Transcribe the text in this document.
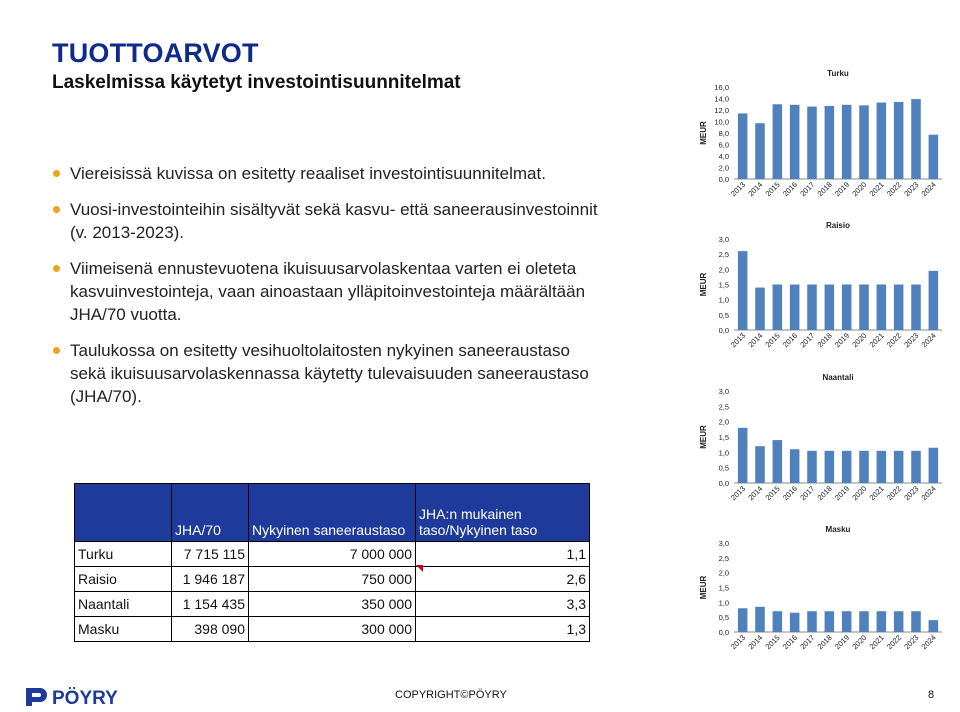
TUOTTOARVOT
Laskelmissa käytetyt investointisuunnitelmat
Viereisissä kuvissa on esitetty reaaliset investointisuunnitelmat.
Vuosi-investointeihin sisältyvät sekä kasvu- että saneerausinvestoinnit (v. 2013-2023).
Viimeisenä ennustevuotena ikuisuusarvolaskentaa varten ei oleteta kasvuinvestointeja, vaan ainoastaan ylläpitoinvestointeja määrältään JHA/70 vuotta.
Taulukossa on esitetty vesihuoltolaitosten nykyinen saneeraustaso sekä ikuisuusarvolaskennassa käytetty tulevaisuuden saneeraustaso (JHA/70).
	JHA/70	Nykyinen saneeraustaso	JHA:n mukainen taso/Nykyinen taso
Turku	7 715 115	7 000 000	1,1
Raisio	1 946 187	750 000	2,6
Naantali	1 154 435	350 000	3,3
Masku	398 090	300 000	1,3
Turku
MEUR
0,0
2,0
4,0
6,0
8,0
10,0
12,0
14,0
16,0
2013 2014 2015 2016 2017 2018 2019 2020 2021 2022 2023 2024
Raisio
MEUR
0,0
0,5
1,0
1,5
2,0
2,5
3,0
2013 2014 2015 2016 2017 2018 2019 2020 2021 2022 2023 2024
Naantali
MEUR
0,0
0,5
1,0
1,5
2,0
2,5
3,0
2013 2014 2015 2016 2017 2018 2019 2020 2021 2022 2023 2024
Masku
MEUR
0,0
0,5
1,0
1,5
2,0
2,5
3,0
2013 2014 2015 2016 2017 2018 2019 2020 2021 2022 2023 2024
PÖYRY	COPYRIGHT©PÖYRY	8
